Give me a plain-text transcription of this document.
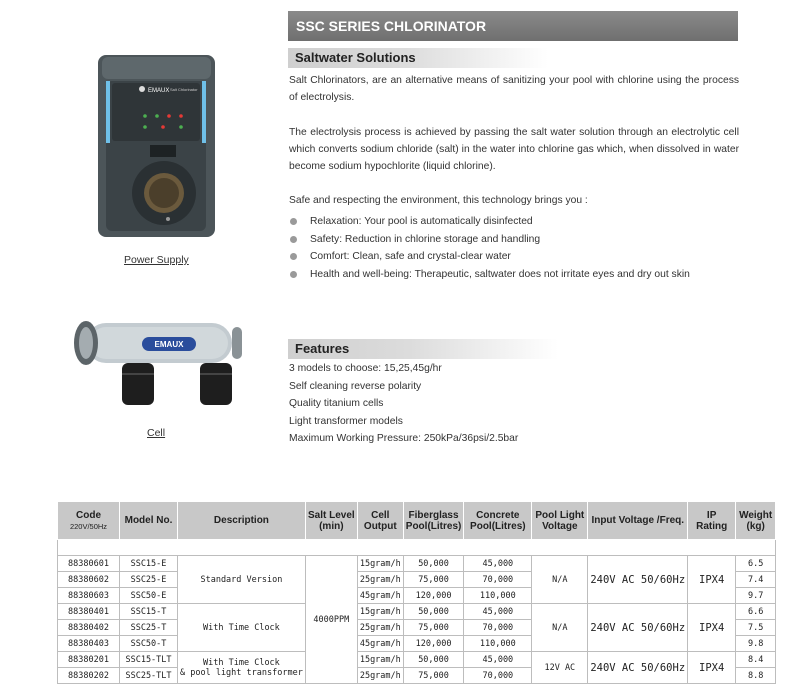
EMAUX Salt Chlorinator
Power Supply
EMAUX
Cell
SSC SERIES CHLORINATOR
Saltwater Solutions

Salt Chlorinators, are an alternative means of sanitizing your pool with chlorine using the process of electrolysis.

The electrolysis process is achieved by passing the salt water solution through an electrolytic cell which converts sodium chloride (salt) in the water into chlorine gas which, when dissolved in water become sodium hypochlorite (liquid chlorine).

Safe and respecting the environment, this technology brings you :

Relaxation: Your pool is automatically disinfected
Safety: Reduction in chlorine storage and handling
Comfort: Clean, safe and crystal-clear water
Health and well-being: Therapeutic, saltwater does not irritate eyes and dry out skin
Features
3 models to choose: 15,25,45g/hr
Self cleaning reverse polarity
Quality titanium cells
Light transformer models
Maximum Working Pressure: 250kPa/36psi/2.5bar
Code
220V/50Hz	Model No.	Description	Salt Level (min)	Cell Output	Fiberglass Pool(Litres)	Concrete Pool(Litres)	Pool Light Voltage	Input Voltage /Freq.	IP Rating	Weight (kg)

88380601	SSC15-E	Standard Version	4000PPM	15gram/h	50,000	45,000	N/A	240V AC 50/60Hz	IPX4	6.5
88380602	SSC25-E			25gram/h	75,000	70,000				7.4
88380603	SSC50-E			45gram/h	120,000	110,000				9.7
88380401	SSC15-T	With Time Clock		15gram/h	50,000	45,000	N/A	240V AC 50/60Hz	IPX4	6.6
88380402	SSC25-T			25gram/h	75,000	70,000				7.5
88380403	SSC50-T			45gram/h	120,000	110,000				9.8
88380201	SSC15-TLT	With Time Clock
& pool light transformer		15gram/h	50,000	45,000	12V AC	240V AC 50/60Hz	IPX4	8.4
88380202	SSC25-TLT			25gram/h	75,000	70,000				8.8
